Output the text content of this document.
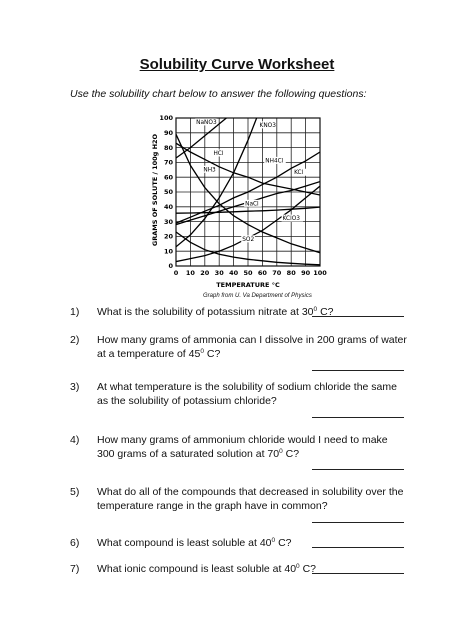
Solubility Curve Worksheet
Use the solubility chart below to answer the following questions:
NaNO3	KNO3
HCl
NH4Cl
NH3	KCl
NaCl
KClO3
SO2
0 10 20 30 40 50 60 70 80 90 100
0
10
20
30
40
50
60
70
80
90
100
GRAMS OF SOLUTE / 100g H2O
TEMPERATURE °C
Graph from U. Va Department of Physics
1) What is the solubility of potassium nitrate at $30^0$ C?
2) How many grams of ammonia can I dissolve in 200 grams of water at a temperature of $45^0$ C?
3) At what temperature is the solubility of sodium chloride the same as the solubility of potassium chloride?
4) How many grams of ammonium chloride would I need to make 300 grams of a saturated solution at $70^0$ C?
5) What do all of the compounds that decreased in solubility over the temperature range in the graph have in common?
6) What compound is least soluble at $40^0$ C?
7) What ionic compound is least soluble at $40^0$ C?
